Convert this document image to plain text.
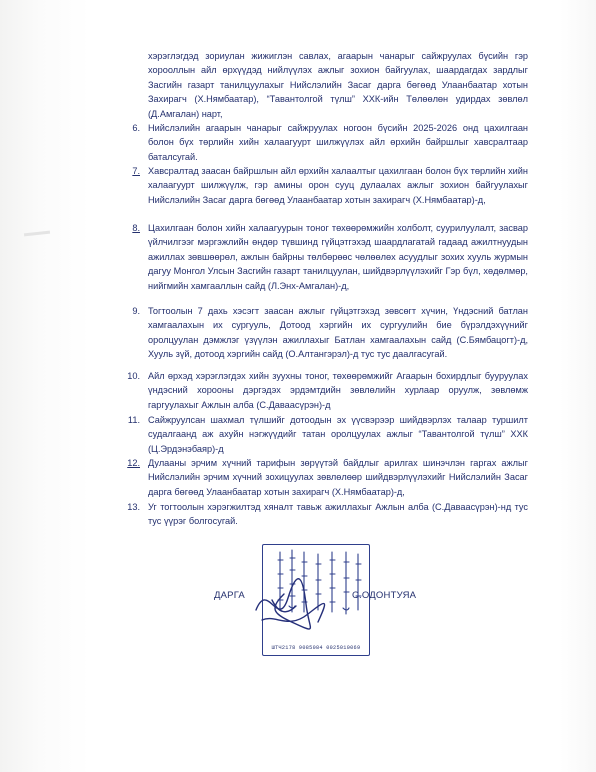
хэрэглэгдэд зориулан жижиглэн савлах, агаарын чанарыг сайжруулах бүсийн гэр хорооллын айл өрхүүдэд нийлүүлэх ажлыг зохион байгуулах, шаардагдах зардлыг Засгийн газарт танилцуулахыг Нийслэлийн Засаг дарга бөгөөд Улаанбаатар хотын Захирагч (Х.Нямбаатар), “Тавантолгой түлш” ХХК-ийн Төлөөлөн удирдах зөвлөл (Д.Амгалан) нарт,

6. Нийслэлийн агаарын чанарыг сайжруулах ногоон бүсийн 2025-2026 онд цахилгаан болон бүх төрлийн хийн халаагуурт шилжүүлэх айл өрхийн байршлыг хавсралтаар баталсугай.

7. Хавсралтад заасан байршлын айл өрхийн халаалтыг цахилгаан болон бүх төрлийн хийн халаагуурт шилжүүлж, гэр амины орон сууц дулаалах ажлыг зохион байгуулахыг Нийслэлийн Засаг дарга бөгөөд Улаанбаатар хотын захирагч (Х.Нямбаатар)-д,

8. Цахилгаан болон хийн халаагуурын тоног төхөөрөмжийн холболт, суурилуулалт, засвар үйлчилгээг мэргэжлийн өндөр түвшинд гүйцэтгэхэд шаардлагатай гадаад ажилтнуудын ажиллах зөвшөөрөл, ажлын байрны төлбөрөөс чөлөөлөх асуудлыг зохих хууль журмын дагуу Монгол Улсын Засгийн газарт танилцуулан, шийдвэрлүүлэхийг Гэр бүл, хөдөлмөр, нийгмийн хамгааллын сайд (Л.Энх-Амгалан)-д,

9. Тогтоолын 7 дахь хэсэгт заасан ажлыг гүйцэтгэхэд зөвсөгт хүчин, Үндэсний батлан хамгаалахын их сургууль, Дотоод хэргийн их сургуулийн бие бүрэлдэхүүнийг оролцуулан дэмжлэг үзүүлэн ажиллахыг Батлан хамгаалахын сайд (С.Бямбацогт)-д, Хууль зүй, дотоод хэргийн сайд (О.Алтангэрэл)-д тус тус даалгасугай.

10. Айл өрхэд хэрэглэгдэх хийн зуухны тоног, төхөөрөмжийг Агаарын бохирдлыг бууруулах үндэсний хорооны дэргэдэх эрдэмтдийн зөвлөлийн хурлаар оруулж, зөвлөмж гаргуулахыг Ажлын алба (С.Даваасүрэн)-д

11. Сайжруулсан шахмал түлшийг дотоодын эх үүсвэрээр шийдвэрлэх талаар туршилт судалгаанд аж ахуйн нэгжүүдийг татан оролцуулах ажлыг “Тавантолгой түлш” ХХК (Ц.Эрдэнэбаяр)-д

12. Дулааны эрчим хүчний тарифын зөрүүтэй байдлыг арилгах шинэчлэн гаргах ажлыг Нийслэлийн эрчим хүчний зохицуулах зөвлөлөөр шийдвэрлүүлэхийг Нийслэлийн Засаг дарга бөгөөд Улаанбаатар хотын захирагч (Х.Нямбаатар)-д,

13. Уг тогтоолын хэрэгжилтэд хяналт тавьж ажиллахыг Ажлын алба (С.Даваасүрэн)-нд тус тус үүрэг болгосугай.

ДАРГА	С.ОДОНТУЯА
ШТЧ2178 9085084 0025010069
